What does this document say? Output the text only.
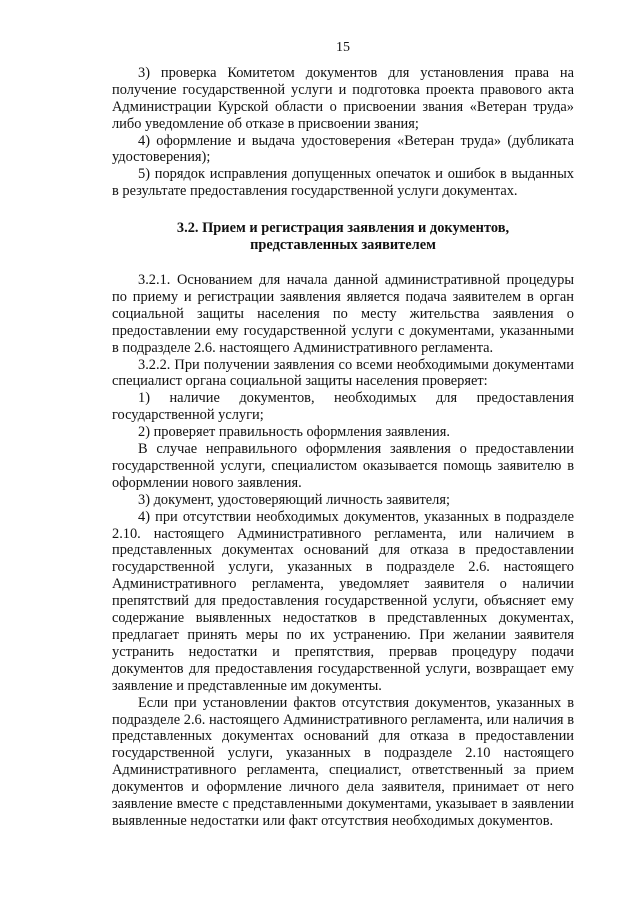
15

3) проверка Комитетом документов для установления права на получение государственной услуги и подготовка проекта правового акта Администрации Курской области о присвоении звания «Ветеран труда» либо уведомление об отказе в присвоении звания;

4) оформление и выдача удостоверения «Ветеран труда» (дубликата удостоверения);

5) порядок исправления допущенных опечаток и ошибок в выданных в результате предоставления государственной услуги документах.

3.2. Прием и регистрация заявления и документов,
представленных заявителем

3.2.1. Основанием для начала данной административной процедуры по приему и регистрации заявления является подача заявителем в орган социальной защиты населения по месту жительства заявления о предоставлении ему государственной услуги с документами, указанными в подразделе 2.6. настоящего Административного регламента.

3.2.2. При получении заявления со всеми необходимыми документами специалист органа социальной защиты населения проверяет:

1) наличие документов, необходимых для предоставления государственной услуги;

2) проверяет правильность оформления заявления.

В случае неправильного оформления заявления о предоставлении государственной услуги, специалистом оказывается помощь заявителю в оформлении нового заявления.

3) документ, удостоверяющий личность заявителя;

4) при отсутствии необходимых документов, указанных в подразделе 2.10. настоящего Административного регламента, или наличием в представленных документах оснований для отказа в предоставлении государственной услуги, указанных в подразделе 2.6. настоящего Административного регламента, уведомляет заявителя о наличии препятствий для предоставления государственной услуги, объясняет ему содержание выявленных недостатков в представленных документах, предлагает принять меры по их устранению. При желании заявителя устранить недостатки и препятствия, прервав процедуру подачи документов для предоставления государственной услуги, возвращает ему заявление и представленные им документы.

Если при установлении фактов отсутствия документов, указанных в подразделе 2.6. настоящего Административного регламента, или наличия в представленных документах оснований для отказа в предоставлении государственной услуги, указанных в подразделе 2.10 настоящего Административного регламента, специалист, ответственный за прием документов и оформление личного дела заявителя, принимает от него заявление вместе с представленными документами, указывает в заявлении выявленные недостатки или факт отсутствия необходимых документов.
